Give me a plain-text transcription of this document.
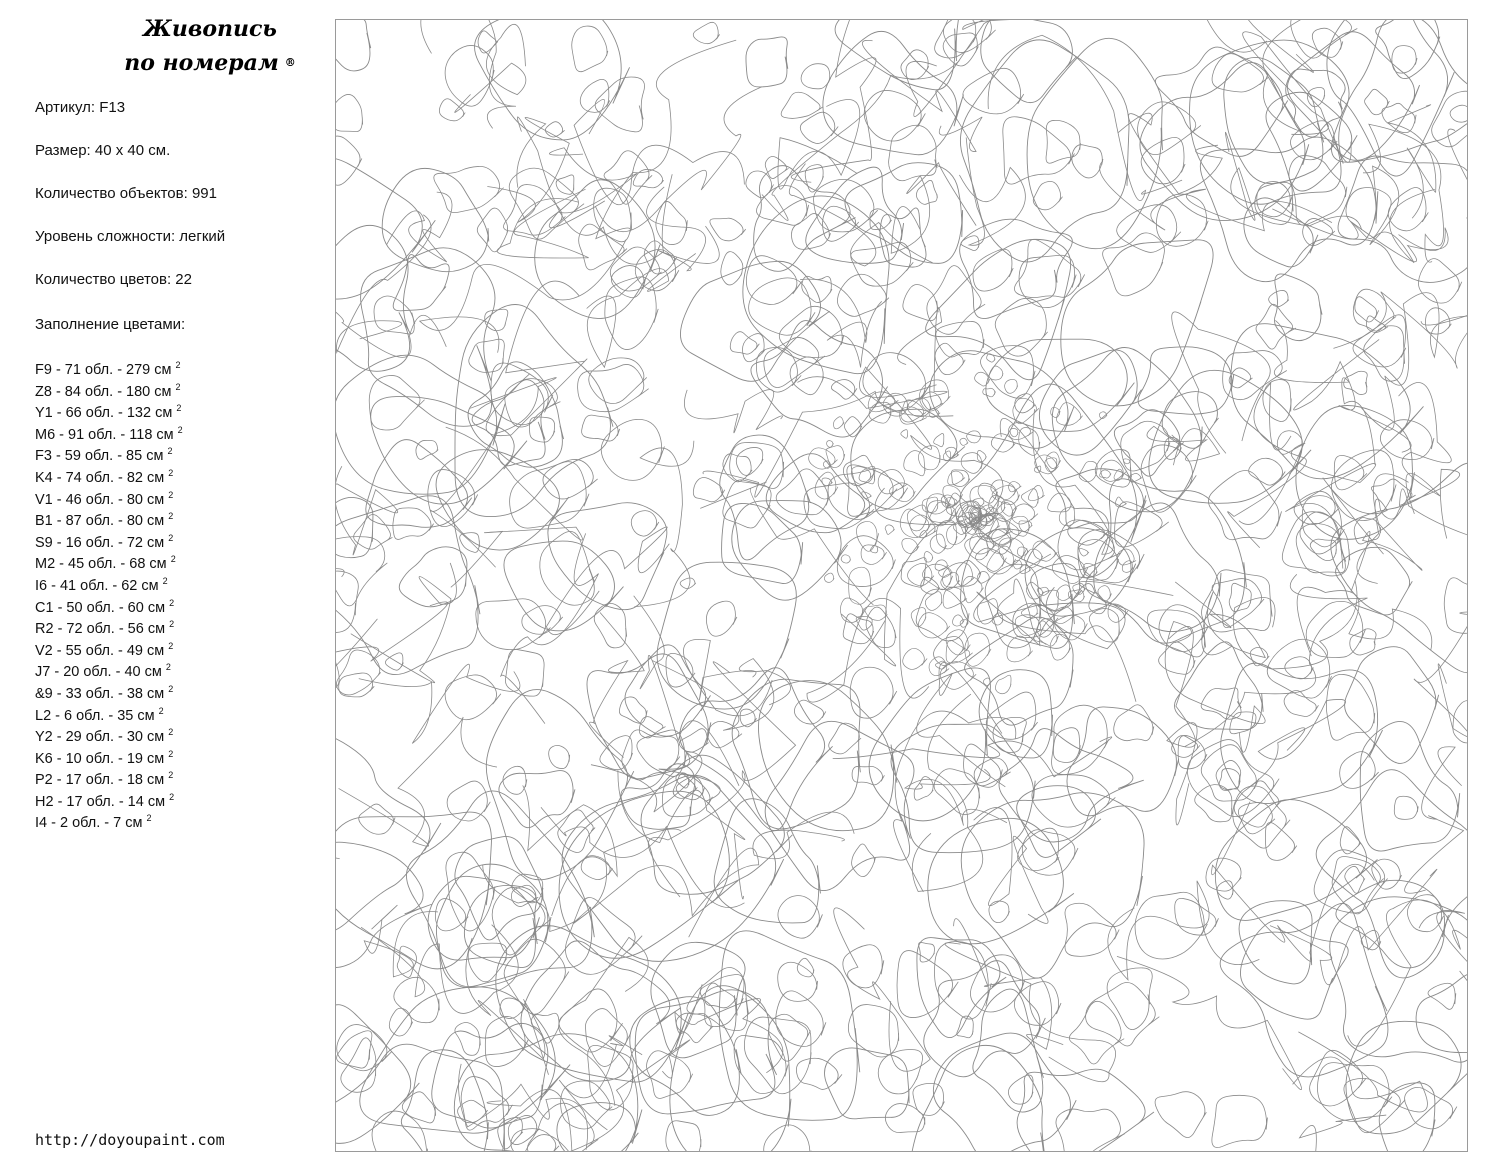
Живопись
по номерам ®
Артикул: F13
Размер: 40 х 40 см.
Количество объектов: 991
Уровень сложности: легкий
Количество цветов: 22
Заполнение цветами:
F9 - 71 обл. - 279 см $^2$
Z8 - 84 обл. - 180 см $^2$
Y1 - 66 обл. - 132 см $^2$
M6 - 91 обл. - 118 см $^2$
F3 - 59 обл. - 85 см $^2$
K4 - 74 обл. - 82 см $^2$
V1 - 46 обл. - 80 см $^2$
B1 - 87 обл. - 80 см $^2$
S9 - 16 обл. - 72 см $^2$
M2 - 45 обл. - 68 см $^2$
I6 - 41 обл. - 62 см $^2$
C1 - 50 обл. - 60 см $^2$
R2 - 72 обл. - 56 см $^2$
V2 - 55 обл. - 49 см $^2$
J7 - 20 обл. - 40 см $^2$
&9 - 33 обл. - 38 см $^2$
L2 - 6 обл. - 35 см $^2$
Y2 - 29 обл. - 30 см $^2$
K6 - 10 обл. - 19 см $^2$
P2 - 17 обл. - 18 см $^2$
H2 - 17 обл. - 14 см $^2$
I4 - 2 обл. - 7 см $^2$
http://doyoupaint.com
